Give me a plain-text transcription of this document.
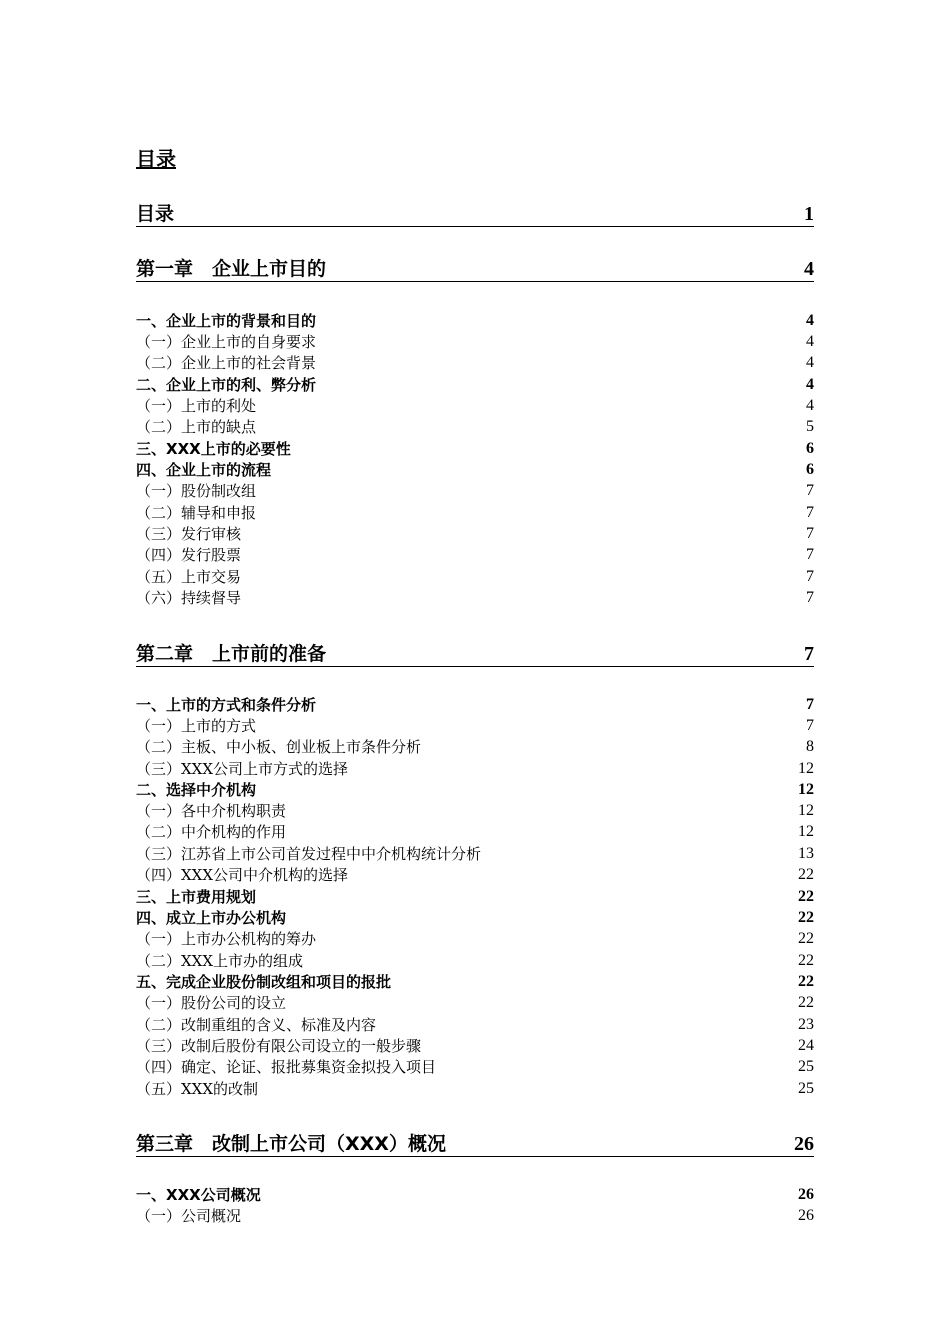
目录
目录	1
第一章　企业上市目的	4
一、企业上市的背景和目的	4
（一）企业上市的自身要求	4
（二）企业上市的社会背景	4
二、企业上市的利、弊分析	4
（一）上市的利处	4
（二）上市的缺点	5
三、XXX上市的必要性	6
四、企业上市的流程	6
（一）股份制改组	7
（二）辅导和申报	7
（三）发行审核	7
（四）发行股票	7
（五）上市交易	7
（六）持续督导	7
第二章　上市前的准备	7
一、上市的方式和条件分析	7
（一）上市的方式	7
（二）主板、中小板、创业板上市条件分析	8
（三）XXX公司上市方式的选择	12
二、选择中介机构	12
（一）各中介机构职责	12
（二）中介机构的作用	12
（三）江苏省上市公司首发过程中中介机构统计分析	13
（四）XXX公司中介机构的选择	22
三、上市费用规划	22
四、成立上市办公机构	22
（一）上市办公机构的筹办	22
（二）XXX上市办的组成	22
五、完成企业股份制改组和项目的报批	22
（一）股份公司的设立	22
（二）改制重组的含义、标准及内容	23
（三）改制后股份有限公司设立的一般步骤	24
（四）确定、论证、报批募集资金拟投入项目	25
（五）XXX的改制	25
第三章　改制上市公司（XXX）概况	26
一、XXX公司概况	26
（一）公司概况	26
